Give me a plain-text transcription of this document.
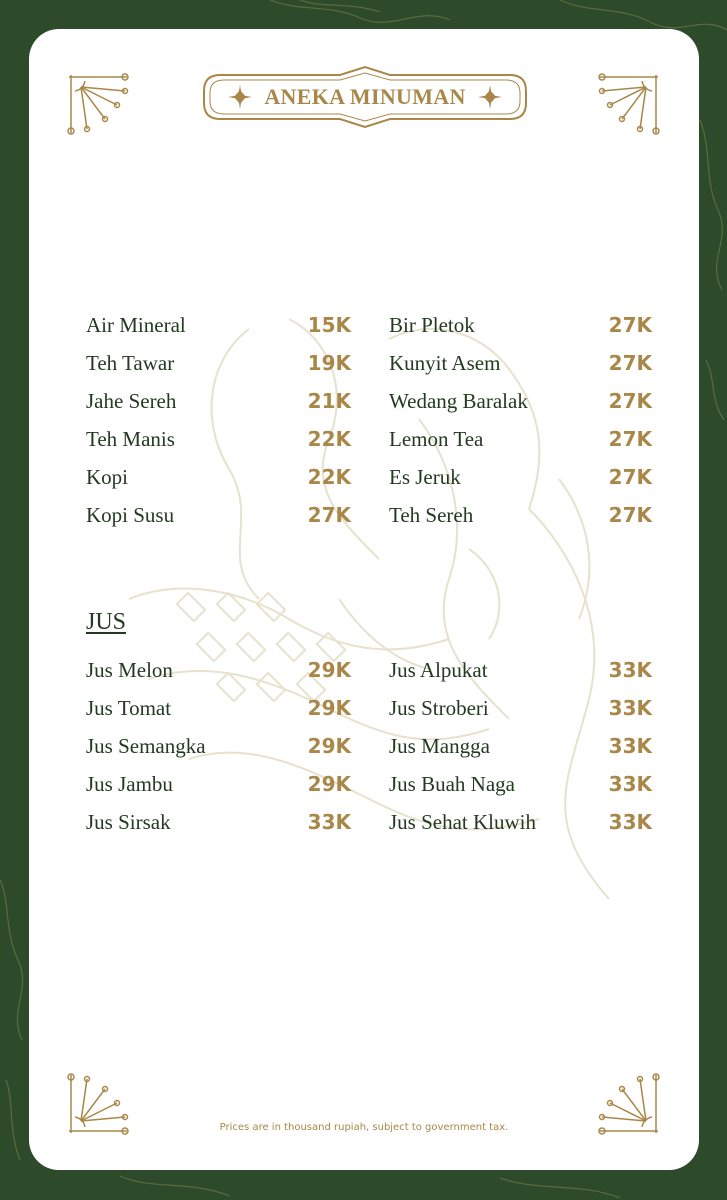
ANEKA MINUMAN
Air Mineral	15K
Teh Tawar	19K
Jahe Sereh	21K
Teh Manis	22K
Kopi	22K
Kopi Susu	27K
Bir Pletok	27K
Kunyit Asem	27K
Wedang Baralak	27K
Lemon Tea	27K
Es Jeruk	27K
Teh Sereh	27K
JUS
Jus Melon	29K
Jus Tomat	29K
Jus Semangka	29K
Jus Jambu	29K
Jus Sirsak	33K
Jus Alpukat	33K
Jus Stroberi	33K
Jus Mangga	33K
Jus Buah Naga	33K
Jus Sehat Kluwih	33K
Prices are in thousand rupiah, subject to government tax.
